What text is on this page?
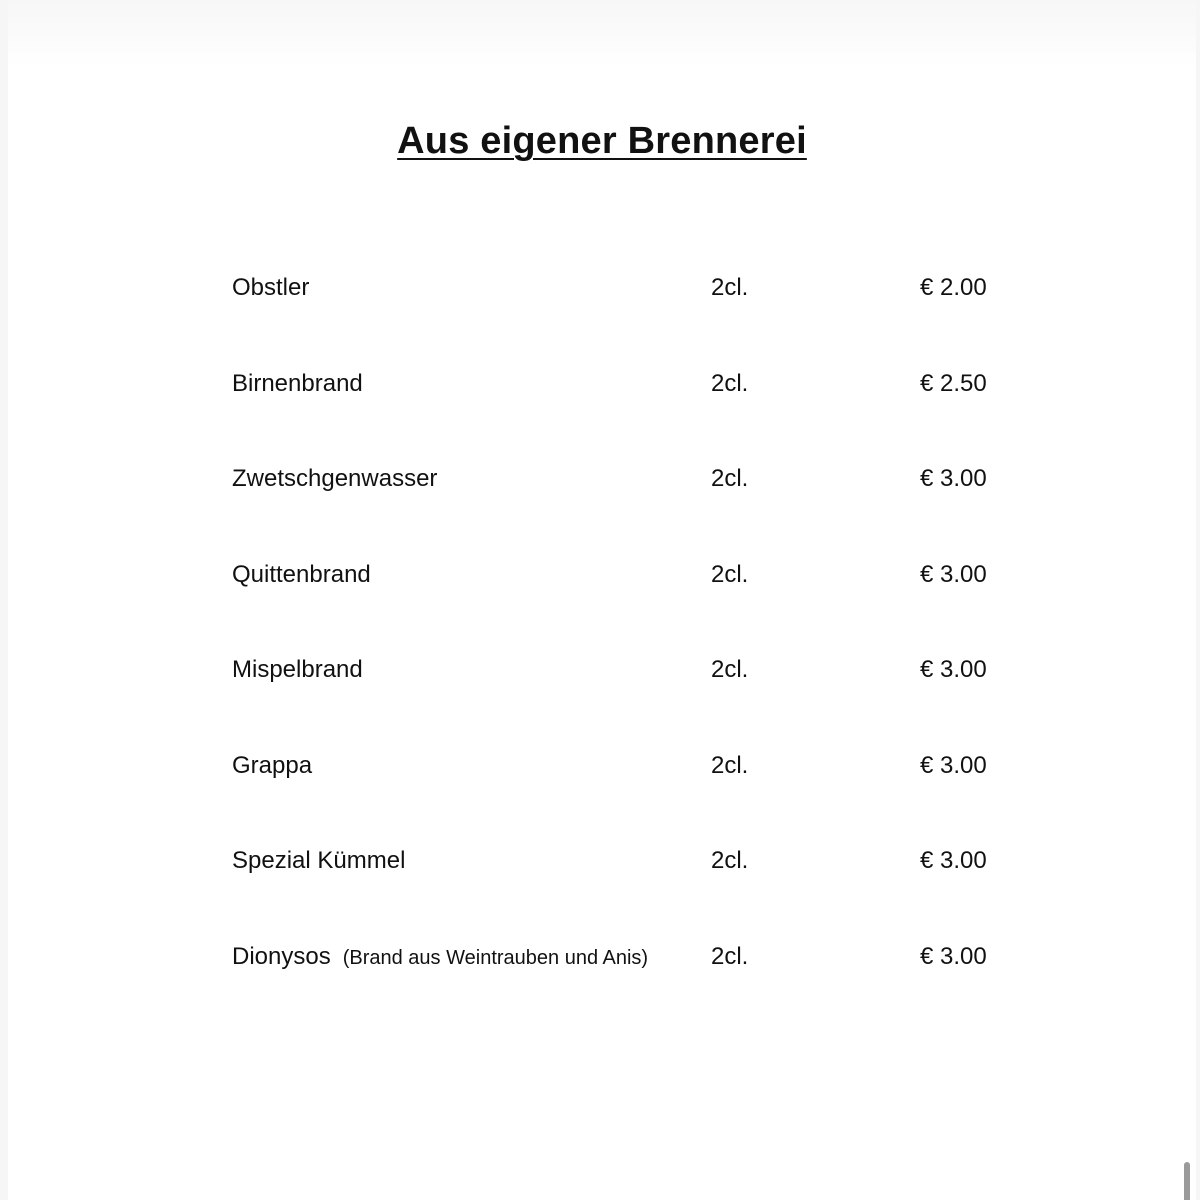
Aus eigener Brennerei
Obstler	2cl.	€ 2.00
Birnenbrand	2cl.	€ 2.50
Zwetschgenwasser	2cl.	€ 3.00
Quittenbrand	2cl.	€ 3.00
Mispelbrand	2cl.	€ 3.00
Grappa	2cl.	€ 3.00
Spezial Kümmel	2cl.	€ 3.00
Dionysos (Brand aus Weintrauben und Anis)	2cl.	€ 3.00
